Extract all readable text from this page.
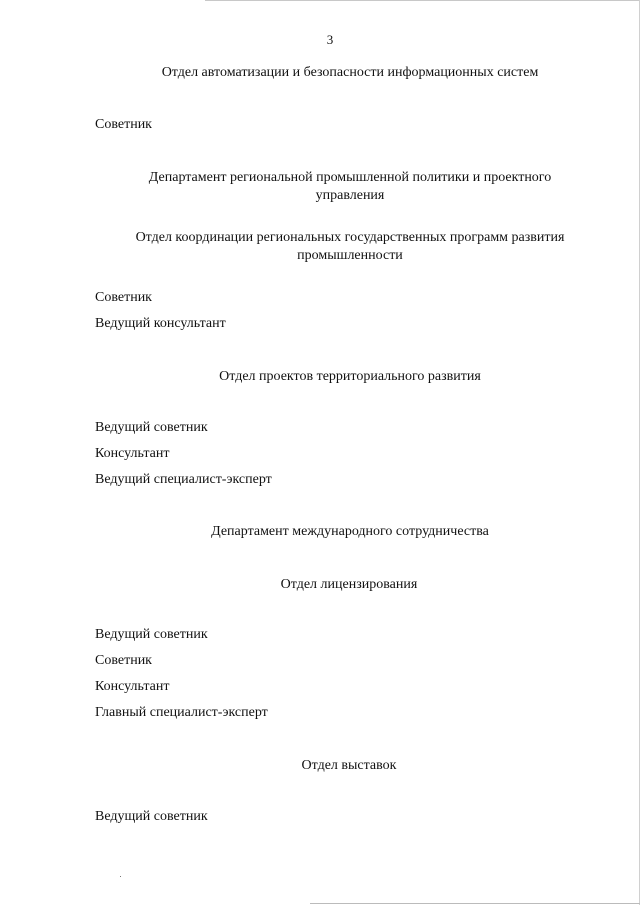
3
Отдел автоматизации и безопасности информационных систем
Советник
Департамент региональной промышленной политики и проектного
управления
Отдел координации региональных государственных программ развития
промышленности
Советник
Ведущий консультант
Отдел проектов территориального развития
Ведущий советник
Консультант
Ведущий специалист-эксперт
Департамент международного сотрудничества
Отдел лицензирования
Ведущий советник
Советник
Консультант
Главный специалист-эксперт
Отдел выставок
Ведущий советник
